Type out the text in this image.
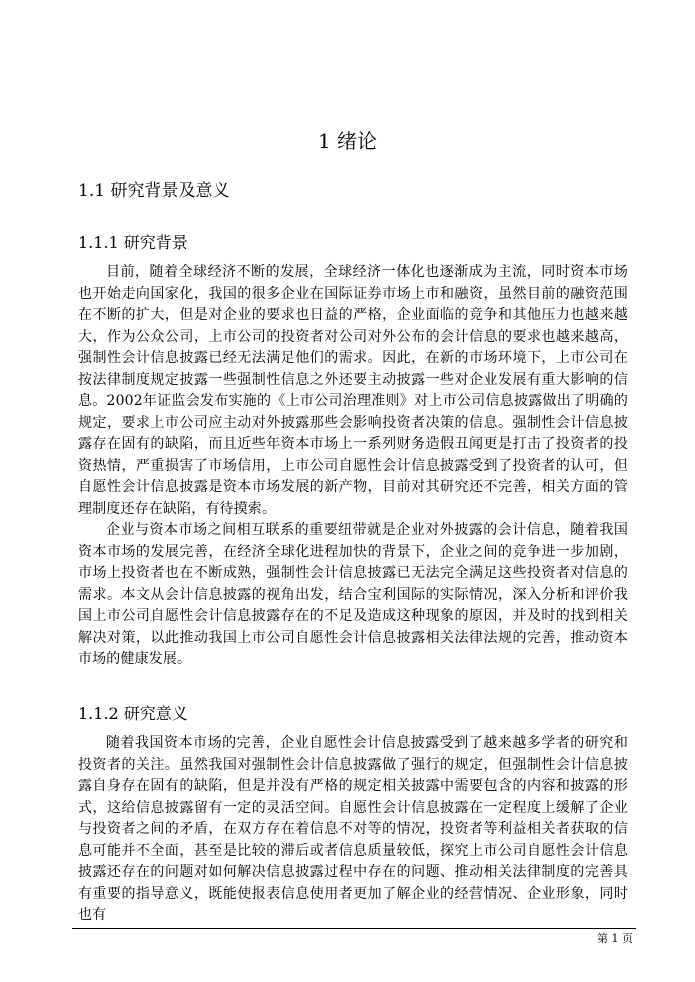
1 绪论
1.1 研究背景及意义
1.1.1 研究背景

目前，随着全球经济不断的发展，全球经济一体化也逐渐成为主流，同时资本市场也开始走向国家化，我国的很多企业在国际证券市场上市和融资，虽然目前的融资范围在不断的扩大，但是对企业的要求也日益的严格，企业面临的竞争和其他压力也越来越大，作为公众公司，上市公司的投资者对公司对外公布的会计信息的要求也越来越高，强制性会计信息披露已经无法满足他们的需求。因此，在新的市场环境下，上市公司在按法律制度规定披露一些强制性信息之外还要主动披露一些对企业发展有重大影响的信息。2002年证监会发布实施的《上市公司治理准则》对上市公司信息披露做出了明确的规定，要求上市公司应主动对外披露那些会影响投资者决策的信息。强制性会计信息披露存在固有的缺陷，而且近些年资本市场上一系列财务造假丑闻更是打击了投资者的投资热情，严重损害了市场信用，上市公司自愿性会计信息披露受到了投资者的认可，但自愿性会计信息披露是资本市场发展的新产物，目前对其研究还不完善，相关方面的管理制度还存在缺陷，有待摸索。

企业与资本市场之间相互联系的重要纽带就是企业对外披露的会计信息，随着我国资本市场的发展完善，在经济全球化进程加快的背景下，企业之间的竞争进一步加剧，市场上投资者也在不断成熟，强制性会计信息披露已无法完全满足这些投资者对信息的需求。本文从会计信息披露的视角出发，结合宝利国际的实际情况，深入分析和评价我国上市公司自愿性会计信息披露存在的不足及造成这种现象的原因，并及时的找到相关解决对策，以此推动我国上市公司自愿性会计信息披露相关法律法规的完善，推动资本市场的健康发展。

1.1.2 研究意义

随着我国资本市场的完善，企业自愿性会计信息披露受到了越来越多学者的研究和投资者的关注。虽然我国对强制性会计信息披露做了强行的规定，但强制性会计信息披露自身存在固有的缺陷，但是并没有严格的规定相关披露中需要包含的内容和披露的形式，这给信息披露留有一定的灵活空间。自愿性会计信息披露在一定程度上缓解了企业与投资者之间的矛盾，在双方存在着信息不对等的情况，投资者等利益相关者获取的信息可能并不全面，甚至是比较的滞后或者信息质量较低，探究上市公司自愿性会计信息披露还存在的问题对如何解决信息披露过程中存在的问题、推动相关法律制度的完善具有重要的指导意义，既能使报表信息使用者更加了解企业的经营情况、企业形象，同时也有

第 1 页
